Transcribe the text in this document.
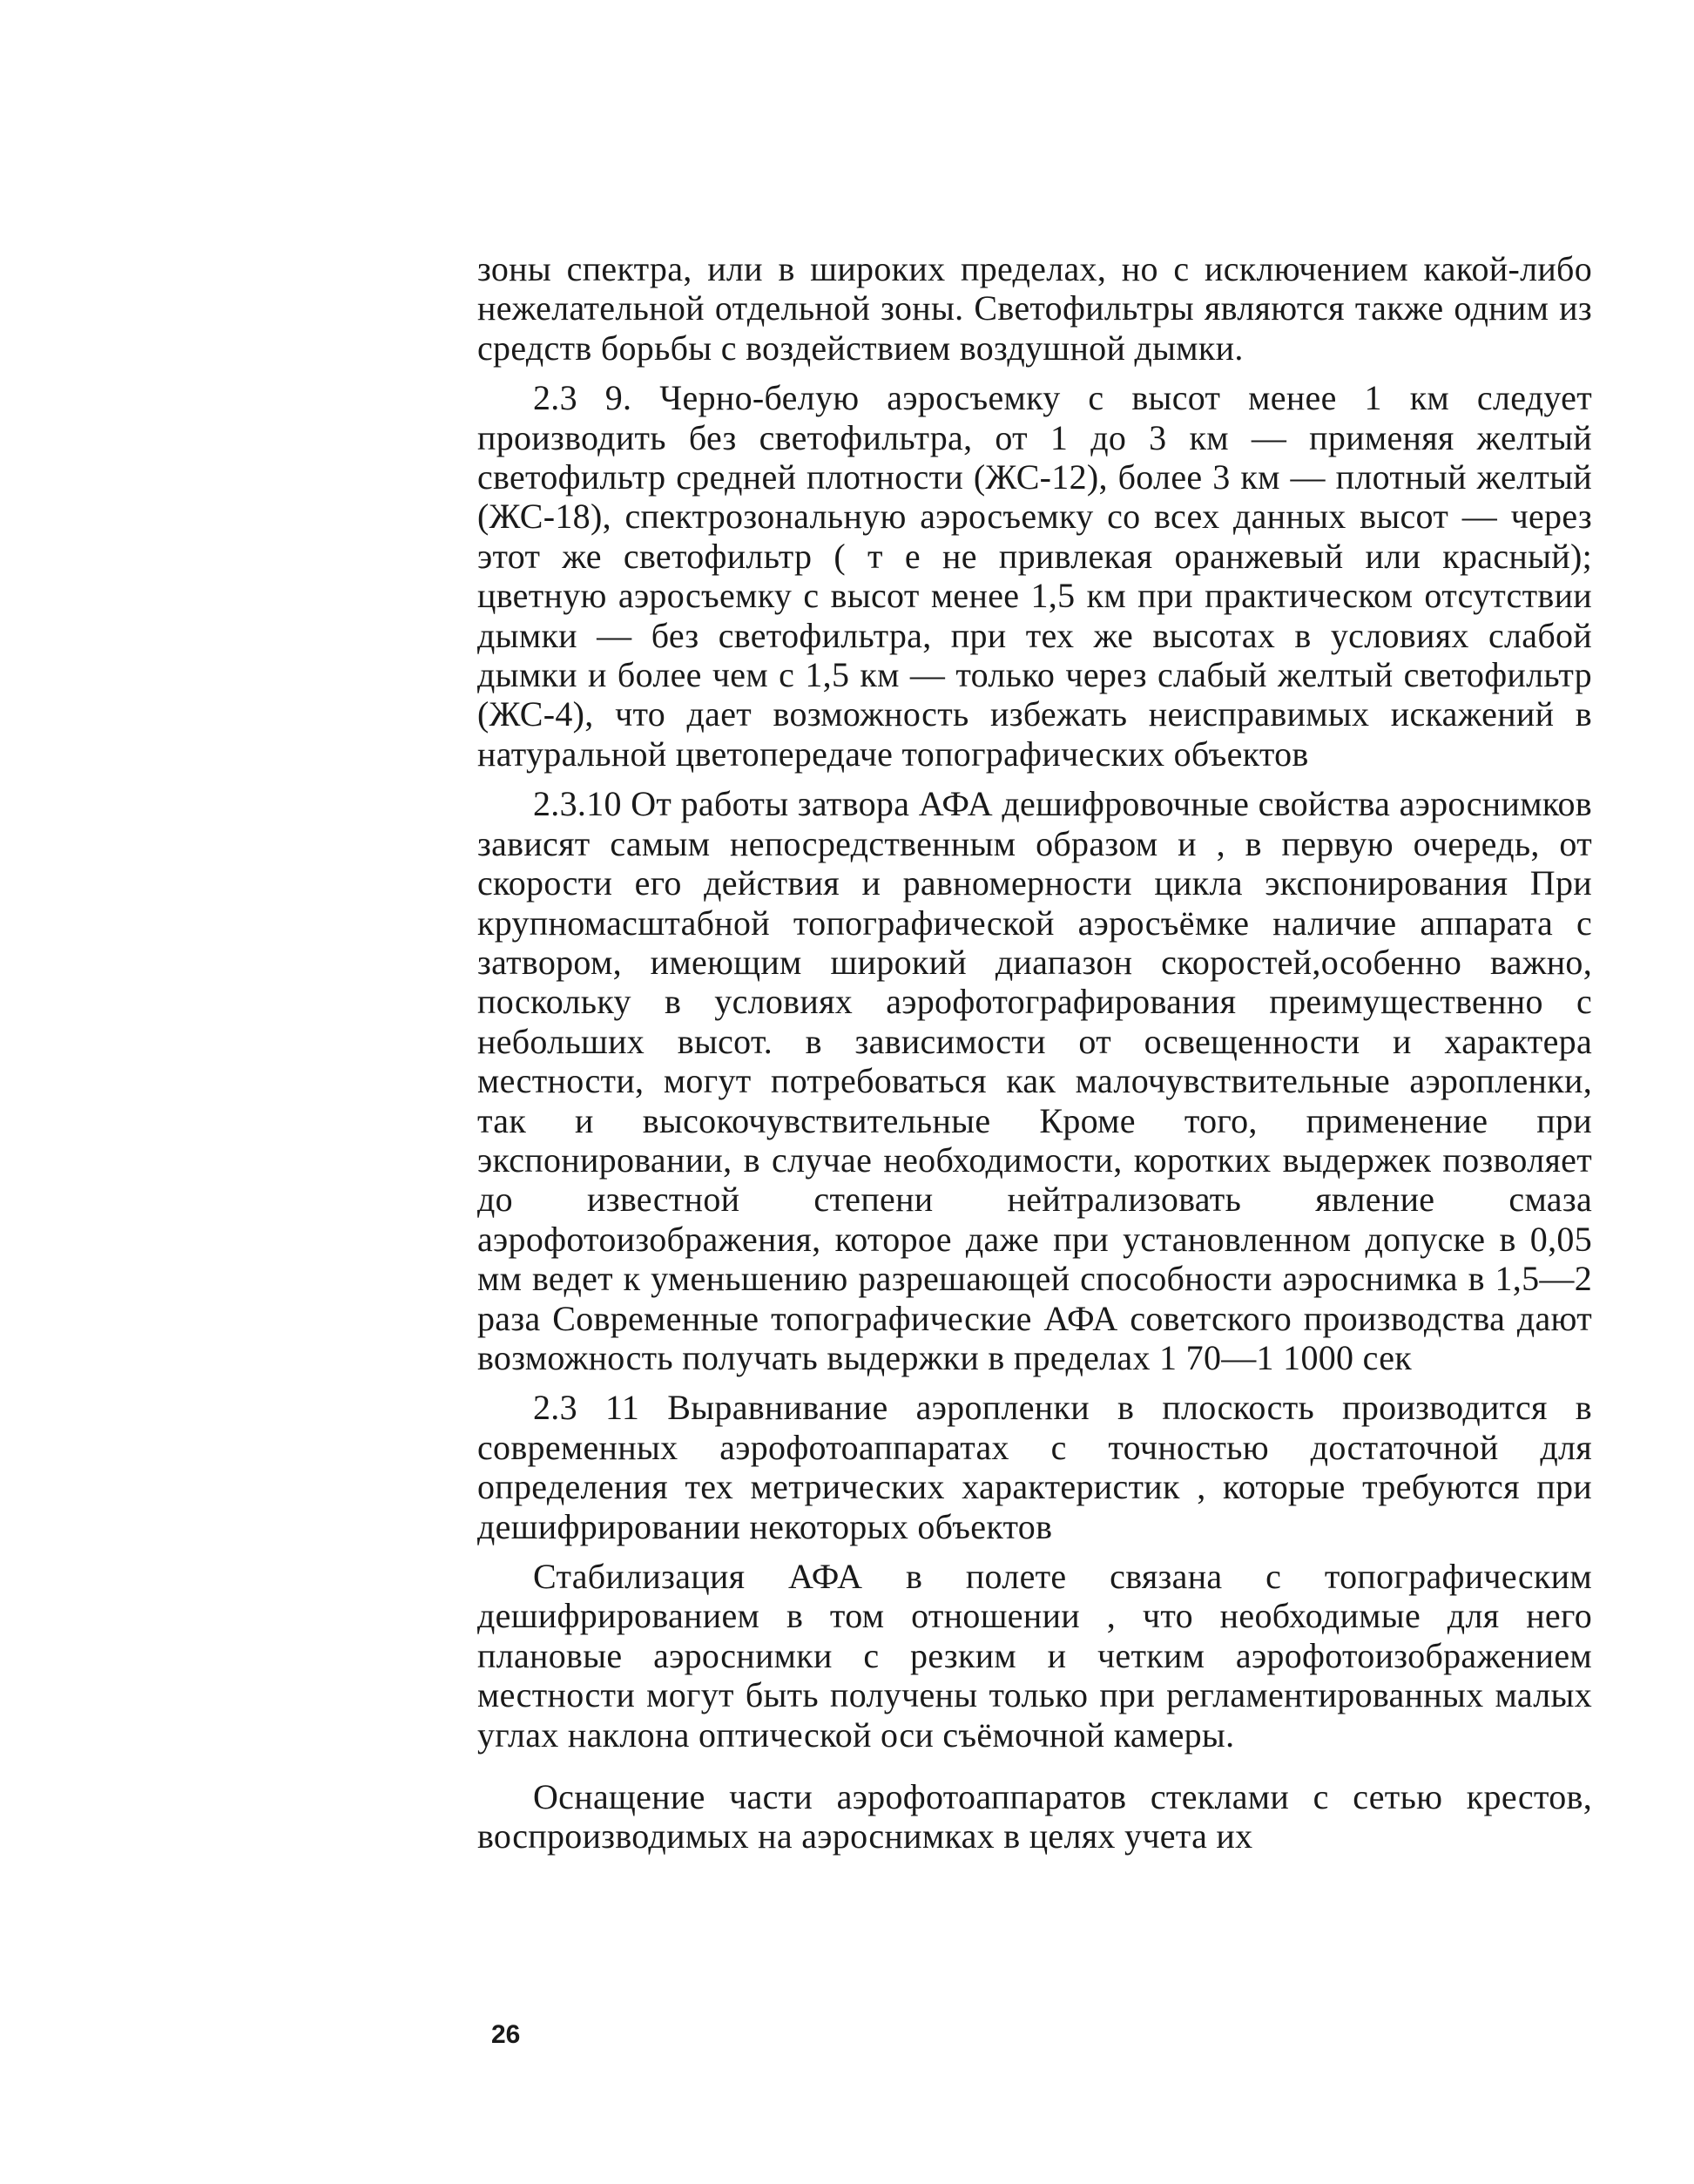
зоны спектра, или в широких пределах, но с исключением какой-либо нежелательной отдельной зоны. Светофильтры являются также одним из средств борьбы с воздействием воздушной дымки.

2.3 9. Черно-белую аэросъемку с высот менее 1 км следует производить без светофильтра, от 1 до 3 км — применяя желтый светофильтр средней плотности (ЖС-12), более 3 км — плотный желтый (ЖС-18), спектрозональную аэросъемку со всех данных высот — через этот же светофильтр ( т е не привлекая оранжевый или красный); цветную аэросъемку с высот менее 1,5 км при практическом отсутствии дымки — без светофильтра, при тех же высотах в условиях слабой дымки и более чем с 1,5 км — только через слабый желтый светофильтр (ЖС-4), что дает возможность избежать неисправимых искажений в натуральной цветопередаче топографических объектов

2.3.10 От работы затвора АФА дешифровочные свойства аэроснимков зависят самым непосредственным образом и , в первую очередь, от скорости его действия и равномерности цикла экспонирования При крупномасштабной топографической аэросъёмке наличие аппарата с затвором, имеющим широкий диапазон скоростей,особенно важно, поскольку в условиях аэрофотографирования преимущественно с небольших высот. в зависимости от освещенности и характера местности, могут потребоваться как малочувствительные аэропленки, так и высокочувствительные Кроме того, применение при экспонировании, в случае необходимости, коротких выдержек позволяет до известной степени нейтрализовать явление смаза аэрофотоизображения, которое даже при установленном допуске в 0,05 мм ведет к уменьшению разрешающей способности аэроснимка в 1,5—2 раза Современные топографические АФА советского производства дают возможность получать выдержки в пределах 1 70—1 1000 сек

2.3 11 Выравнивание аэропленки в плоскость производится в современных аэрофотоаппаратах с точностью достаточной для определения тех метрических характеристик , которые требуются при дешифрировании некоторых объектов

Стабилизация АФА в полете связана с топографическим дешифрированием в том отношении , что необходимые для него плановые аэроснимки с резким и четким аэрофотоизображением местности могут быть получены только при регламентированных малых углах наклона оптической оси съёмочной камеры.

Оснащение части аэрофотоаппаратов стеклами с сетью крестов, воспроизводимых на аэроснимках в целях учета их

26
